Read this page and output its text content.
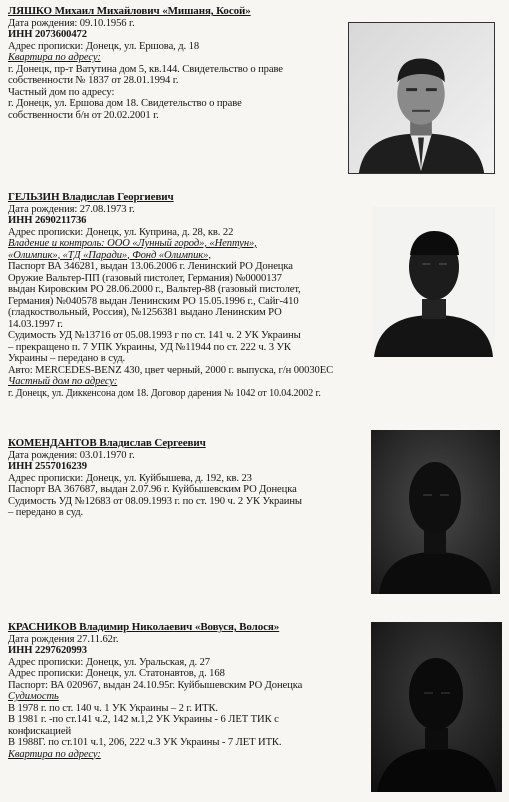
ЛЯШКО Михаил Михайлович «Мишаня, Косой»
Дата рождения: 09.10.1956 г.
ИНН 2073600472
Адрес прописки: Донецк, ул. Ершова, д. 18
Квартира по адресу:
г. Донецк, пр-т Ватутина дом 5, кв.144. Свидетельство о праве
собственности № 1837 от 28.01.1994 г.
Частный дом по адресу:
г. Донецк, ул. Ершова дом 18. Свидетельство о праве
собственности б/н от 20.02.2001 г.
ГЕЛЬЗИН Владислав Георгиевич
Дата рождения: 27.08.1973 г.
ИНН 2690211736
Адрес прописки: Донецк, ул. Куприна, д. 28, кв. 22
Владение и контроль: ООО «Лунный город», «Нептун»,
«Олимпик», «ТД «Паради», Фонд «Олимпик»,
Паспорт ВА 346281, выдан 13.06.2006 г. Ленинский РО Донецка
Оружие Вальтер-ПП (газовый пистолет, Германия) №0000137
выдан Кировским РО 28.06.2000 г., Вальтер-88 (газовый пистолет,
Германия) №040578 выдан Ленинским РО 15.05.1996 г., Сайг-410
(гладкоствольный, Россия), №1256381 выдано Ленинским РО
14.03.1997 г.
Судимость УД №13716 от 05.08.1993 г по ст. 141 ч. 2 УК Украины
– прекращено п. 7 УПК Украины, УД №11944 по ст. 222 ч. 3 УК
Украины – передано в суд.
Авто: MERCEDES-BENZ 430, цвет черный, 2000 г. выпуска, г/н 00030ЕС
Частный дом по адресу:
г. Донецк, ул. Диккенсона дом 18. Договор дарения № 1042 от 10.04.2002 г.
КОМЕНДАНТОВ Владислав Сергеевич
Дата рождения: 03.01.1970 г.
ИНН 2557016239
Адрес прописки: Донецк, ул. Куйбышева, д. 192, кв. 23
Паспорт ВА 367687, выдан 2.07.96 г. Куйбышевским РО Донецка
Судимость УД №12683 от 08.09.1993 г. по ст. 190 ч. 2 УК Украины
– передано в суд.
КРАСНИКОВ Владимир Николаевич «Вовуся, Волося»
Дата рождения 27.11.62г.
ИНН 2297620993
Адрес прописки: Донецк, ул. Уральская, д. 27
Адрес прописки: Донецк, ул. Статонавтов, д. 168
Паспорт: ВА 020967, выдан 24.10.95г. Куйбышевским РО Донецка
Судимость
В 1978 г. по ст. 140 ч. 1 УК Украины – 2 г. ИТК.
В 1981 г. -по ст.141 ч.2, 142 м.1,2 УК Украины - 6 ЛЕТ ТИК с
конфискацией
В 1988Г. по ст.101 ч.1, 206, 222 ч.3 УК Украины - 7 ЛЕТ ИТК.
Квартира по адресу:
